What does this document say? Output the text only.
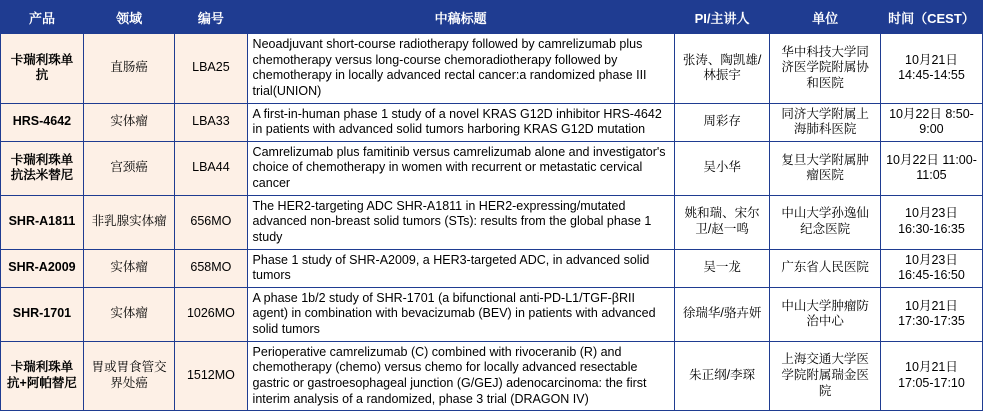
产品	领域	编号	中稿标题	PI/主讲人	单位	时间（CEST）
卡瑞利珠单抗	直肠癌	LBA25	Neoadjuvant short-course radiotherapy followed by camrelizumab plus chemotherapy versus long-course chemoradiotherapy followed by chemotherapy in locally advanced rectal cancer:a randomized phase III trial(UNION)	张涛、陶凯雄/林振宇	华中科技大学同济医学院附属协和医院	10月21日 14:45-14:55
HRS-4642	实体瘤	LBA33	A first-in-human phase 1 study of a novel KRAS G12D inhibitor HRS-4642 in patients with advanced solid tumors harboring KRAS G12D mutation	周彩存	同济大学附属上海肺科医院	10月22日 8:50-9:00
卡瑞利珠单抗法米替尼	宫颈癌	LBA44	Camrelizumab plus famitinib versus camrelizumab alone and investigator's choice of chemotherapy in women with recurrent or metastatic cervical cancer	吴小华	复旦大学附属肿瘤医院	10月22日 11:00-11:05
SHR-A1811	非乳腺实体瘤	656MO	The HER2-targeting ADC SHR-A1811 in HER2-expressing/mutated advanced non-breast solid tumors (STs): results from the global phase 1 study	姚和瑞、宋尔卫/赵一鸣	中山大学孙逸仙纪念医院	10月23日 16:30-16:35
SHR-A2009	实体瘤	658MO	Phase 1 study of SHR-A2009, a HER3-targeted ADC, in advanced solid tumors	吴一龙	广东省人民医院	10月23日 16:45-16:50
SHR-1701	实体瘤	1026MO	A phase 1b/2 study of SHR-1701 (a bifunctional anti-PD-L1/TGF-βRII agent) in combination with bevacizumab (BEV) in patients with advanced solid tumors	徐瑞华/骆卉妍	中山大学肿瘤防治中心	10月21日 17:30-17:35
卡瑞利珠单抗+阿帕替尼	胃或胃食管交界处癌	1512MO	Perioperative camrelizumab (C) combined with rivoceranib (R) and chemotherapy (chemo) versus chemo for locally advanced resectable gastric or gastroesophageal junction (G/GEJ) adenocarcinoma: the first interim analysis of a randomized, phase 3 trial (DRAGON IV)	朱正纲/李琛	上海交通大学医学院附属瑞金医院	10月21日 17:05-17:10
